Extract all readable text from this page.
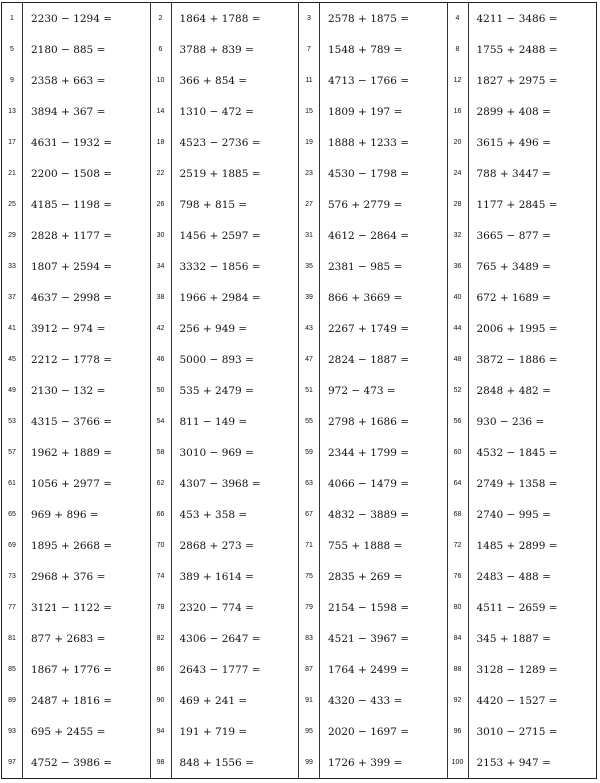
1	2230 − 1294 =	2	1864 + 1788 =	3	2578 + 1875 =	4	4211 − 3486 =
5	2180 − 885 =	6	3788 + 839 =	7	1548 + 789 =	8	1755 + 2488 =
9	2358 + 663 =	10	366 + 854 =	11	4713 − 1766 =	12	1827 + 2975 =
13	3894 + 367 =	14	1310 − 472 =	15	1809 + 197 =	16	2899 + 408 =
17	4631 − 1932 =	18	4523 − 2736 =	19	1888 + 1233 =	20	3615 + 496 =
21	2200 − 1508 =	22	2519 + 1885 =	23	4530 − 1798 =	24	788 + 3447 =
25	4185 − 1198 =	26	798 + 815 =	27	576 + 2779 =	28	1177 + 2845 =
29	2828 + 1177 =	30	1456 + 2597 =	31	4612 − 2864 =	32	3665 − 877 =
33	1807 + 2594 =	34	3332 − 1856 =	35	2381 − 985 =	36	765 + 3489 =
37	4637 − 2998 =	38	1966 + 2984 =	39	866 + 3669 =	40	672 + 1689 =
41	3912 − 974 =	42	256 + 949 =	43	2267 + 1749 =	44	2006 + 1995 =
45	2212 − 1778 =	46	5000 − 893 =	47	2824 − 1887 =	48	3872 − 1886 =
49	2130 − 132 =	50	535 + 2479 =	51	972 − 473 =	52	2848 + 482 =
53	4315 − 3766 =	54	811 − 149 =	55	2798 + 1686 =	56	930 − 236 =
57	1962 + 1889 =	58	3010 − 969 =	59	2344 + 1799 =	60	4532 − 1845 =
61	1056 + 2977 =	62	4307 − 3968 =	63	4066 − 1479 =	64	2749 + 1358 =
65	969 + 896 =	66	453 + 358 =	67	4832 − 3889 =	68	2740 − 995 =
69	1895 + 2668 =	70	2868 + 273 =	71	755 + 1888 =	72	1485 + 2899 =
73	2968 + 376 =	74	389 + 1614 =	75	2835 + 269 =	76	2483 − 488 =
77	3121 − 1122 =	78	2320 − 774 =	79	2154 − 1598 =	80	4511 − 2659 =
81	877 + 2683 =	82	4306 − 2647 =	83	4521 − 3967 =	84	345 + 1887 =
85	1867 + 1776 =	86	2643 − 1777 =	87	1764 + 2499 =	88	3128 − 1289 =
89	2487 + 1816 =	90	469 + 241 =	91	4320 − 433 =	92	4420 − 1527 =
93	695 + 2455 =	94	191 + 719 =	95	2020 − 1697 =	96	3010 − 2715 =
97	4752 − 3986 =	98	848 + 1556 =	99	1726 + 399 =	100	2153 + 947 =
